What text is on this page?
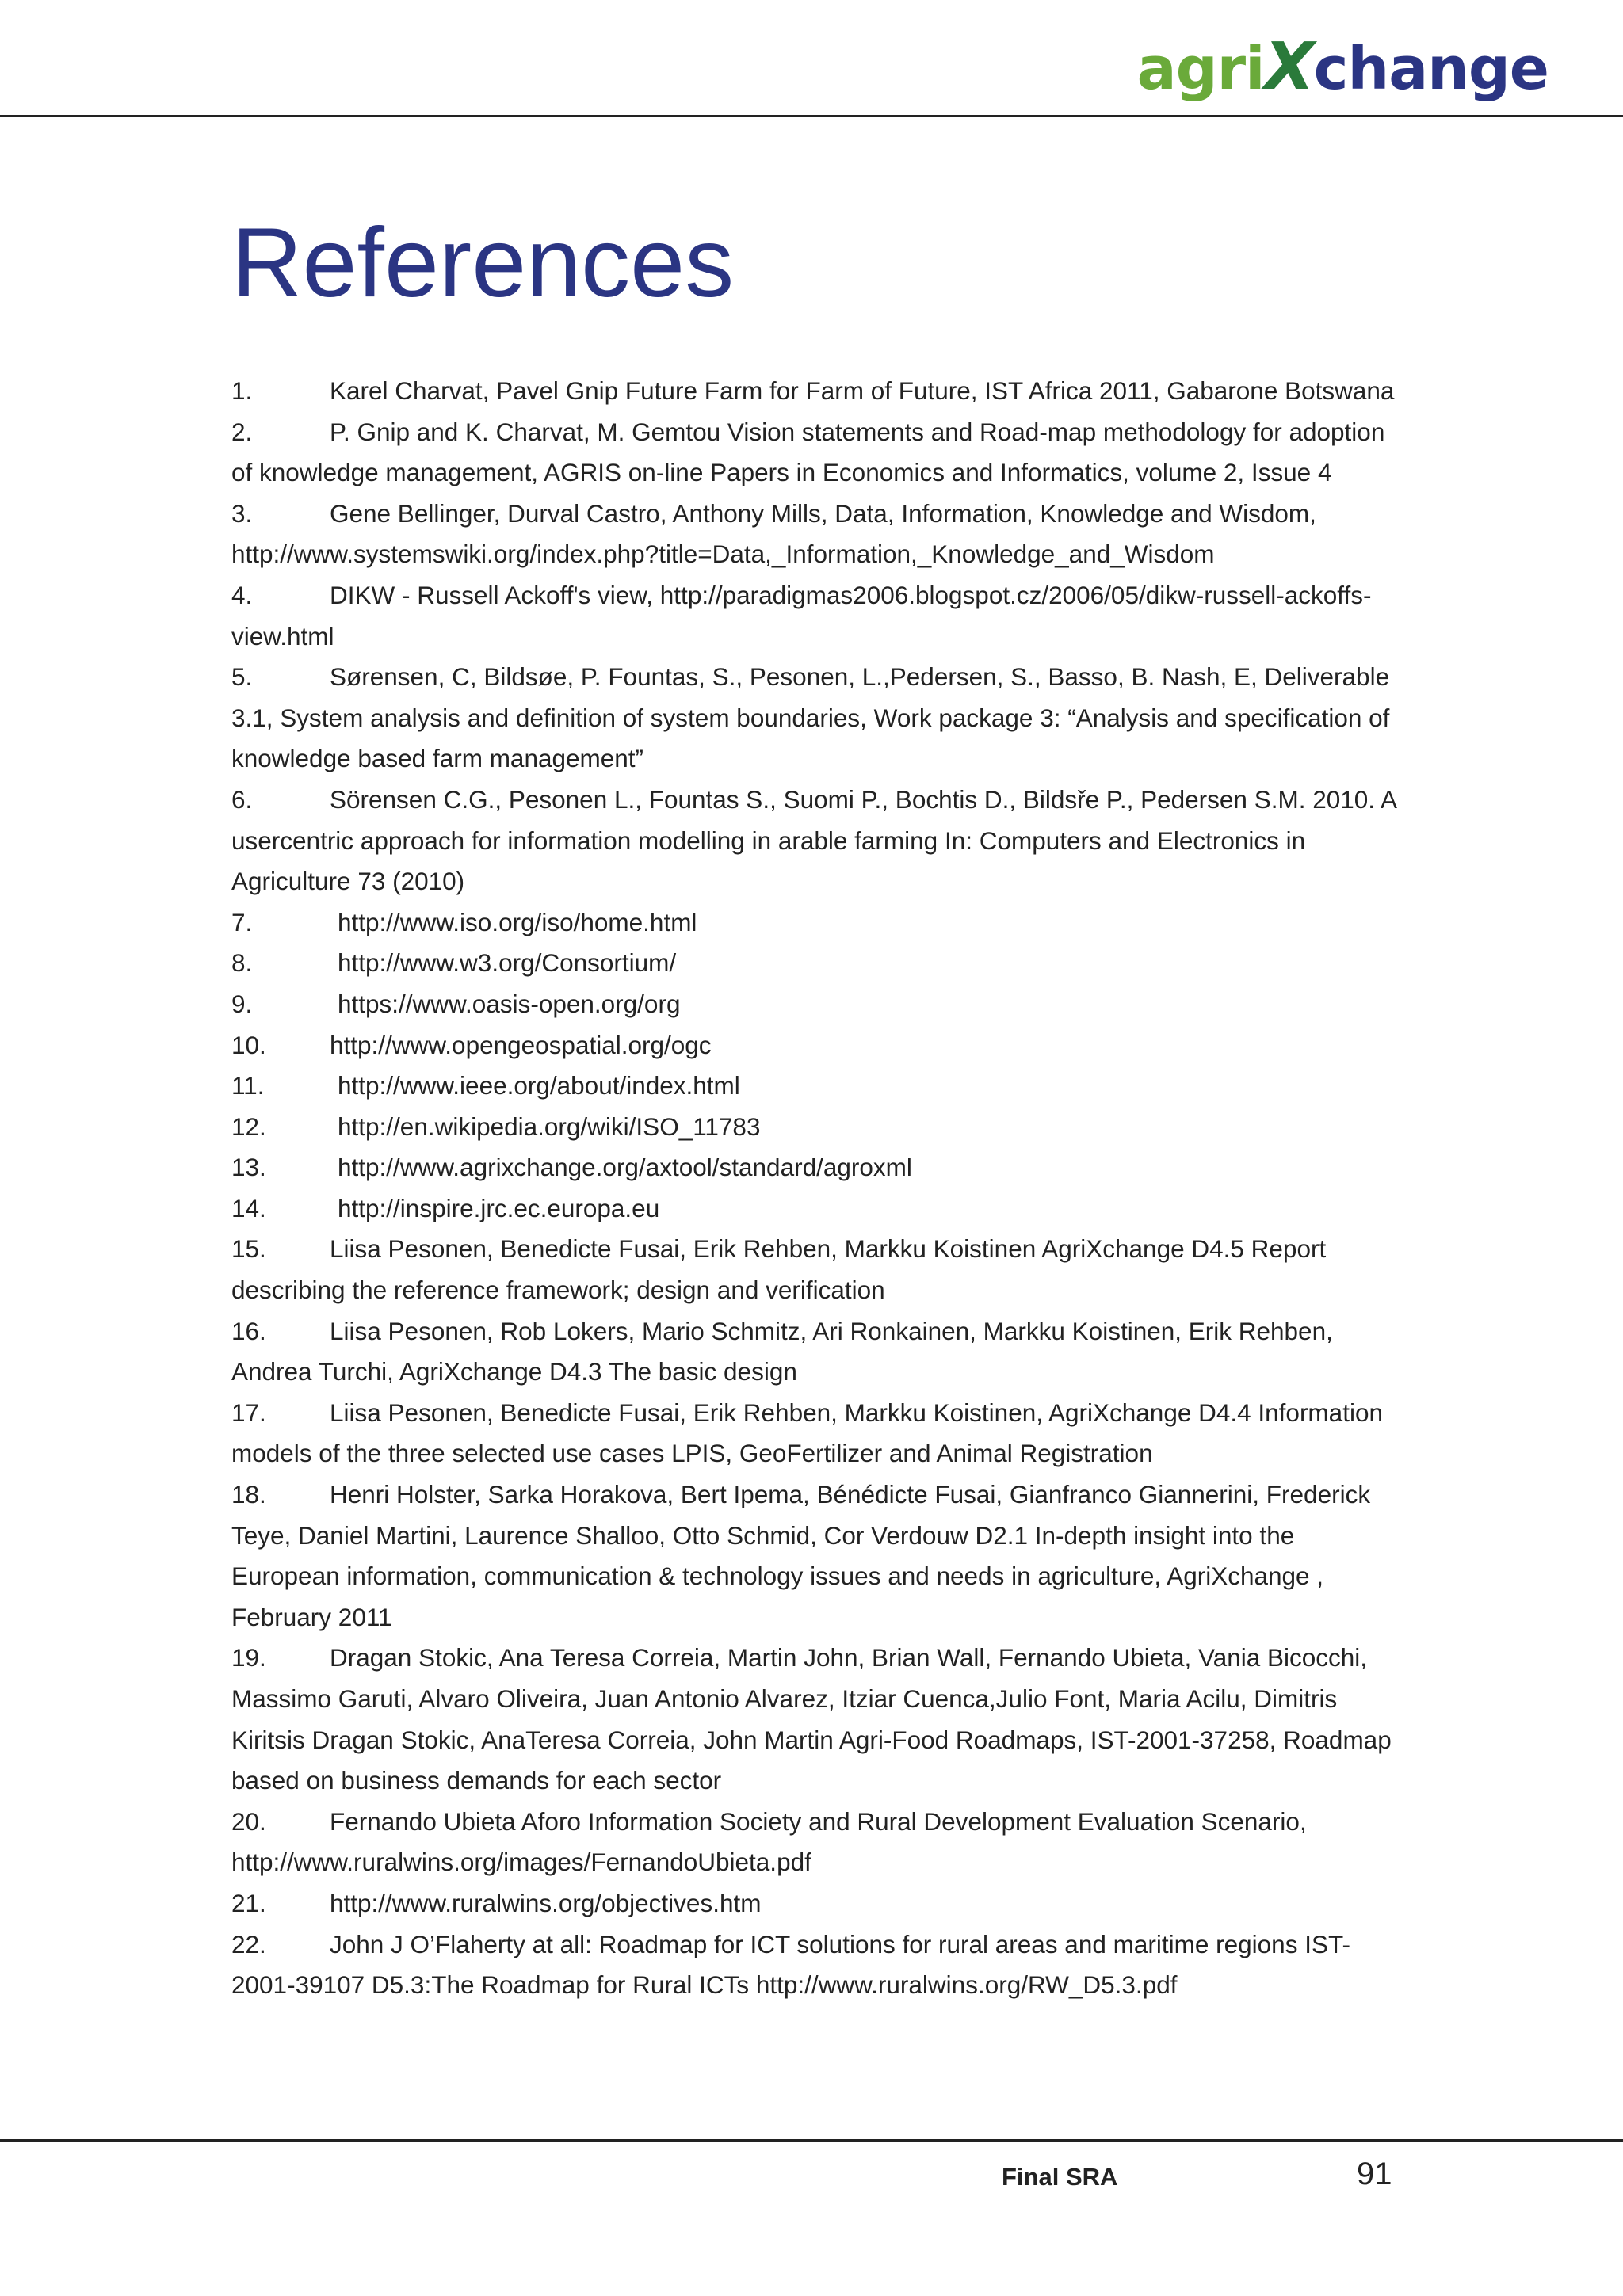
agriXchange
References
1.	Karel Charvat, Pavel Gnip Future Farm for Farm of Future, IST Africa 2011, Gabarone Botswana
2.	P. Gnip and K. Charvat, M. Gemtou Vision statements and Road-map methodology for adoption of knowledge management, AGRIS on-line Papers in Economics and Informatics, volume 2, Issue 4
3.	Gene Bellinger, Durval Castro, Anthony Mills, Data, Information, Knowledge and Wisdom, http://www.systemswiki.org/index.php?title=Data,_Information,_Knowledge_and_Wisdom
4.	DIKW - Russell Ackoff's view, http://paradigmas2006.blogspot.cz/2006/05/dikw-russell-ackoffs-view.html
5.	Sørensen, C, Bildsøe, P. Fountas, S., Pesonen, L.,Pedersen, S., Basso, B. Nash, E, Deliverable 3.1, System analysis and definition of system boundaries, Work package 3: “Analysis and specification of knowledge based farm management”
6.	Sörensen C.G., Pesonen L., Fountas S., Suomi P., Bochtis D., Bildsře P., Pedersen S.M. 2010. A usercentric approach for information modelling in arable farming In: Computers and Electronics in Agriculture 73 (2010)
7.	http://www.iso.org/iso/home.html
8.	http://www.w3.org/Consortium/
9.	https://www.oasis-open.org/org
10.	http://www.opengeospatial.org/ogc
11.	http://www.ieee.org/about/index.html
12.	http://en.wikipedia.org/wiki/ISO_11783
13.	http://www.agrixchange.org/axtool/standard/agroxml
14.	http://inspire.jrc.ec.europa.eu
15.	Liisa Pesonen, Benedicte Fusai, Erik Rehben, Markku Koistinen AgriXchange D4.5 Report describing the reference framework; design and verification
16.	Liisa Pesonen, Rob Lokers, Mario Schmitz, Ari Ronkainen, Markku Koistinen, Erik Rehben, Andrea Turchi, AgriXchange D4.3 The basic design
17.	Liisa Pesonen, Benedicte Fusai, Erik Rehben, Markku Koistinen, AgriXchange D4.4 Information models of the three selected use cases LPIS, GeoFertilizer and Animal Registration
18.	Henri Holster, Sarka Horakova, Bert Ipema, Bénédicte Fusai, Gianfranco Giannerini, Frederick Teye, Daniel Martini, Laurence Shalloo, Otto Schmid, Cor Verdouw D2.1 In-depth insight into the European information, communication & technology issues and needs in agriculture, AgriXchange , February 2011
19.	Dragan Stokic, Ana Teresa Correia, Martin John, Brian Wall, Fernando Ubieta, Vania Bicocchi, Massimo Garuti, Alvaro Oliveira, Juan Antonio Alvarez, Itziar Cuenca,Julio Font, Maria Acilu, Dimitris Kiritsis Dragan Stokic, AnaTeresa Correia, John Martin Agri-Food Roadmaps, IST-2001-37258, Roadmap based on business demands for each sector
20.	Fernando Ubieta Aforo Information Society and Rural Development Evaluation Scenario, http://www.ruralwins.org/images/FernandoUbieta.pdf
21.	http://www.ruralwins.org/objectives.htm
22.	John J O’Flaherty at all: Roadmap for ICT solutions for rural areas and maritime regions IST-2001-39107 D5.3:The Roadmap for Rural ICTs http://www.ruralwins.org/RW_D5.3.pdf
Final SRA	91
